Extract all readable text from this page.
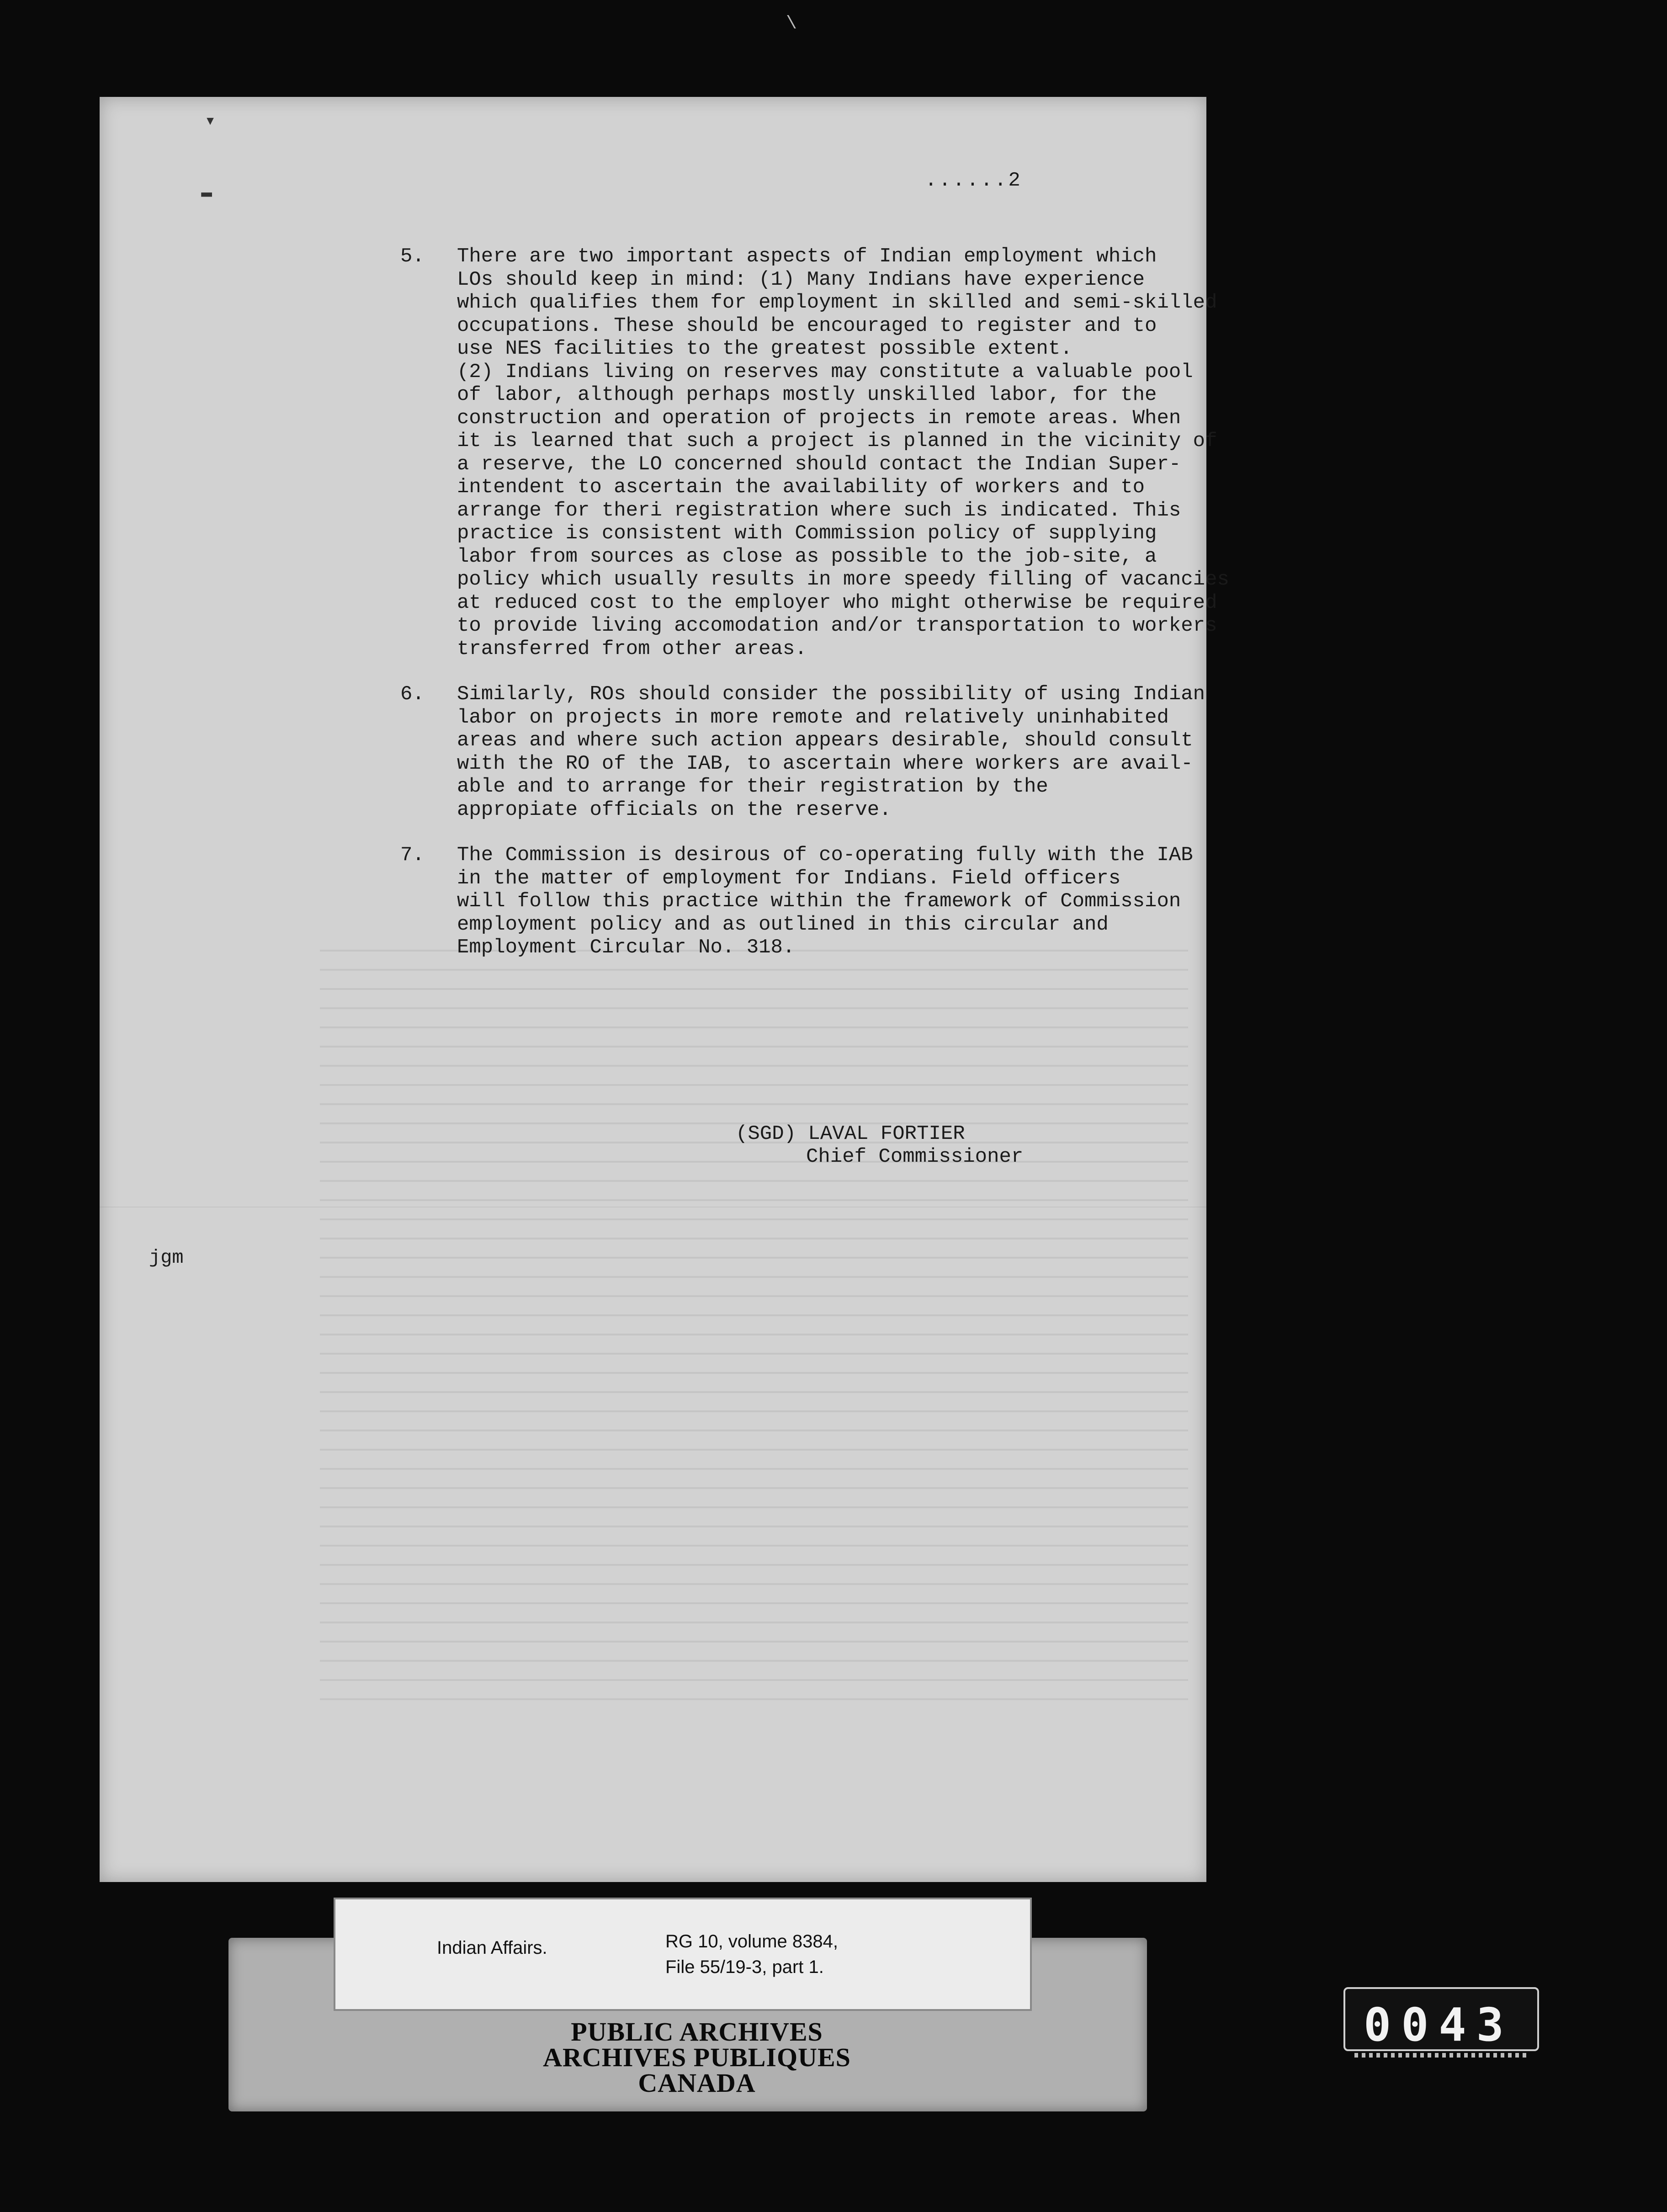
▾
▬
\
......2
5. There are two important aspects of Indian employment which
LOs should keep in mind: (1) Many Indians have experience
which qualifies them for employment in skilled and semi-skilled
occupations. These should be encouraged to register and to
use NES facilities to the greatest possible extent.
(2) Indians living on reserves may constitute a valuable pool
of labor, although perhaps mostly unskilled labor, for the
construction and operation of projects in remote areas. When
it is learned that such a project is planned in the vicinity of
a reserve, the LO concerned should contact the Indian Super-
intendent to ascertain the availability of workers and to
arrange for theri registration where such is indicated. This
practice is consistent with Commission policy of supplying
labor from sources as close as possible to the job-site, a
policy which usually results in more speedy filling of vacancies
at reduced cost to the employer who might otherwise be required
to provide living accomodation and/or transportation to workers
transferred from other areas.
6. Similarly, ROs should consider the possibility of using Indian
labor on projects in more remote and relatively uninhabited
areas and where such action appears desirable, should consult
with the RO of the IAB, to ascertain where workers are avail-
able and to arrange for their registration by the
appropiate officials on the reserve.
7. The Commission is desirous of co-operating fully with the IAB
in the matter of employment for Indians. Field officers
will follow this practice within the framework of Commission
employment policy and as outlined in this circular and
Employment Circular No. 318.
(SGD) LAVAL FORTIER
Chief Commissioner
jgm
Indian Affairs.	RG 10, volume 8384,
File 55/19-3, part 1.
PUBLIC ARCHIVES
ARCHIVES PUBLIQUES
CANADA
0043
